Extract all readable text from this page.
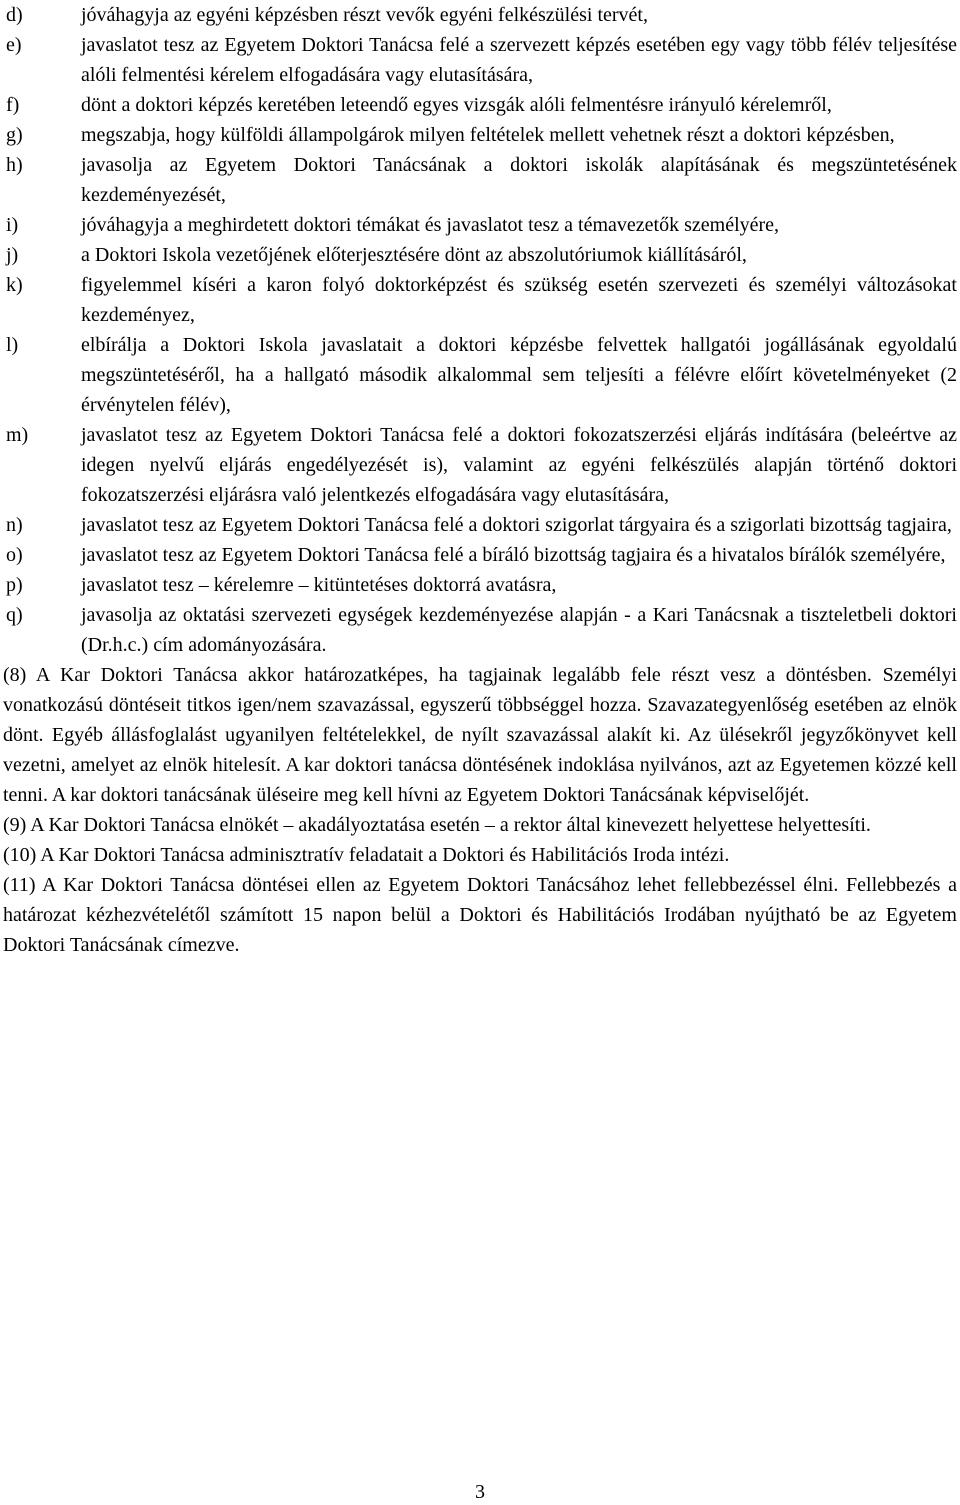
d)	jóváhagyja az egyéni képzésben részt vevők egyéni felkészülési tervét,
e)	javaslatot tesz az Egyetem Doktori Tanácsa felé a szervezett képzés esetében egy vagy több félév teljesítése alóli felmentési kérelem elfogadására vagy elutasítására,
f)	dönt a doktori képzés keretében leteendő egyes vizsgák alóli felmentésre irányuló kérelemről,
g)	megszabja, hogy külföldi állampolgárok milyen feltételek mellett vehetnek részt a doktori képzésben,
h)	javasolja az Egyetem Doktori Tanácsának a doktori iskolák alapításának és megszüntetésének kezdeményezését,
i)	jóváhagyja a meghirdetett doktori témákat és javaslatot tesz a témavezetők személyére,
j)	a Doktori Iskola vezetőjének előterjesztésére dönt az abszolutóriumok kiállításáról,
k)	figyelemmel kíséri a karon folyó doktorképzést és szükség esetén szervezeti és személyi változásokat kezdeményez,
l)	elbírálja a Doktori Iskola javaslatait a doktori képzésbe felvettek hallgatói jogállásának egyoldalú megszüntetéséről, ha a hallgató második alkalommal sem teljesíti a félévre előírt követelményeket (2 érvénytelen félév),
m)	javaslatot tesz az Egyetem Doktori Tanácsa felé a doktori fokozatszerzési eljárás indítására (beleértve az idegen nyelvű eljárás engedélyezését is), valamint az egyéni felkészülés alapján történő doktori fokozatszerzési eljárásra való jelentkezés elfogadására vagy elutasítására,
n)	javaslatot tesz az Egyetem Doktori Tanácsa felé a doktori szigorlat tárgyaira és a szigorlati bizottság tagjaira,
o)	javaslatot tesz az Egyetem Doktori Tanácsa felé a bíráló bizottság tagjaira és a hivatalos bírálók személyére,
p)	javaslatot tesz – kérelemre – kitüntetéses doktorrá avatásra,
q)	javasolja az oktatási szervezeti egységek kezdeményezése alapján - a Kari Tanácsnak a tiszteletbeli doktori (Dr.h.c.) cím adományozására.

(8) A Kar Doktori Tanácsa akkor határozatképes, ha tagjainak legalább fele részt vesz a döntésben. Személyi vonatkozású döntéseit titkos igen/nem szavazással, egyszerű többséggel hozza. Szavazategyenlőség esetében az elnök dönt. Egyéb állásfoglalást ugyanilyen feltételekkel, de nyílt szavazással alakít ki. Az ülésekről jegyzőkönyvet kell vezetni, amelyet az elnök hitelesít. A kar doktori tanácsa döntésének indoklása nyilvános, azt az Egyetemen közzé kell tenni. A kar doktori tanácsának üléseire meg kell hívni az Egyetem Doktori Tanácsának képviselőjét.

(9) A Kar Doktori Tanácsa elnökét – akadályoztatása esetén – a rektor által kinevezett helyettese helyettesíti.

(10) A Kar Doktori Tanácsa adminisztratív feladatait a Doktori és Habilitációs Iroda intézi.

(11) A Kar Doktori Tanácsa döntései ellen az Egyetem Doktori Tanácsához lehet fellebbezéssel élni. Fellebbezés a határozat kézhezvételétől számított 15 napon belül a Doktori és Habilitációs Irodában nyújtható be az Egyetem Doktori Tanácsának címezve.

3
